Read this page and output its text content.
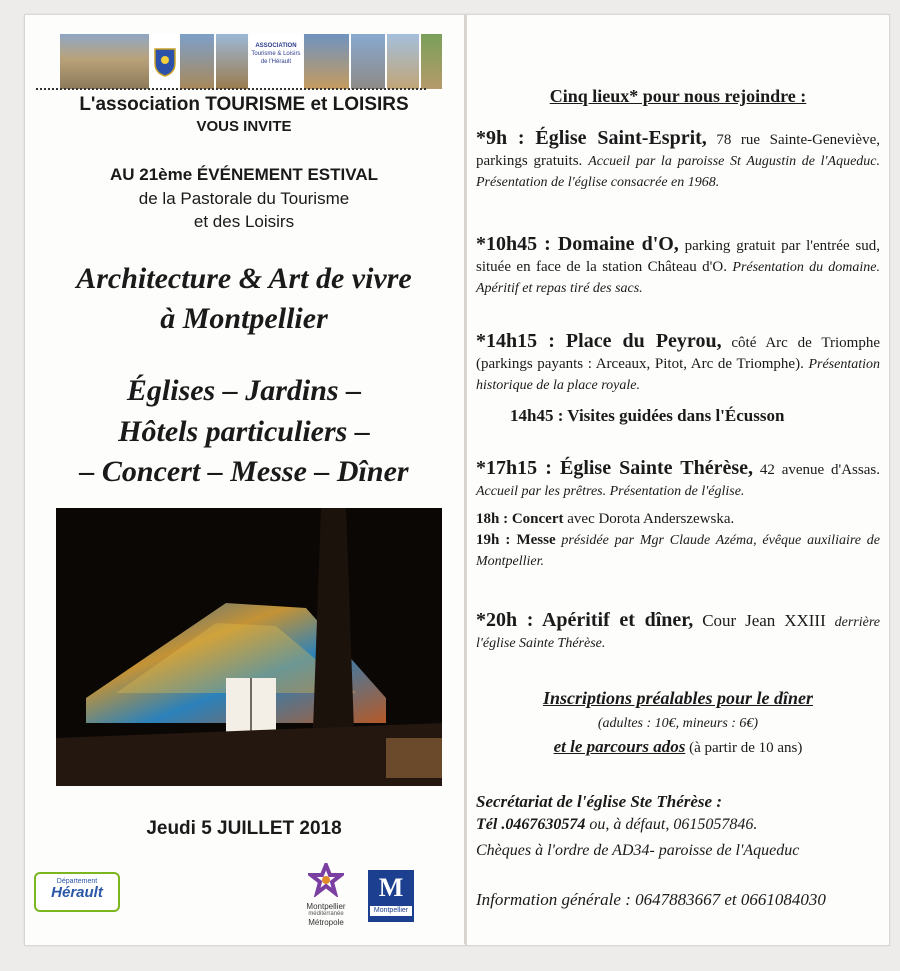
ASSOCIATION
Tourisme & Loisirs
de l'Hérault
L'association TOURISME et LOISIRS
VOUS INVITE
AU 21ème ÉVÉNEMENT ESTIVAL
de la Pastorale du Tourisme
et des Loisirs
Architecture & Art de vivre
à Montpellier
Églises – Jardins –
Hôtels particuliers –
– Concert – Messe – Dîner
Jeudi 5 JUILLET 2018
Département
Hérault
Montpellier
méditerranée
Métropole
M
Montpellier
Cinq lieux* pour nous rejoindre :
*9h : Église Saint-Esprit, 78 rue Sainte-Geneviève, parkings gratuits. Accueil par la paroisse St Augustin de l'Aqueduc. Présentation de l'église consacrée en 1968.
*10h45 : Domaine d'O, parking gratuit par l'entrée sud, située en face de la station Château d'O. Présentation du domaine. Apéritif et repas tiré des sacs.
*14h15 : Place du Peyrou, côté Arc de Triomphe (parkings payants : Arceaux, Pitot, Arc de Triomphe). Présentation historique de la place royale.
14h45 : Visites guidées dans l'Écusson
*17h15 : Église Sainte Thérèse, 42 avenue d'Assas. Accueil par les prêtres. Présentation de l'église.
18h : Concert avec Dorota Anderszewska.
19h : Messe présidée par Mgr Claude Azéma, évêque auxiliaire de Montpellier.
*20h : Apéritif et dîner, Cour Jean XXIII derrière l'église Sainte Thérèse.
Inscriptions préalables pour le dîner
(adultes : 10€, mineurs : 6€)
et le parcours ados (à partir de 10 ans)
Secrétariat de l'église Ste Thérèse :
Tél .0467630574 ou, à défaut, 0615057846.
Chèques à l'ordre de AD34- paroisse de l'Aqueduc
Information générale : 0647883667 et 0661084030
